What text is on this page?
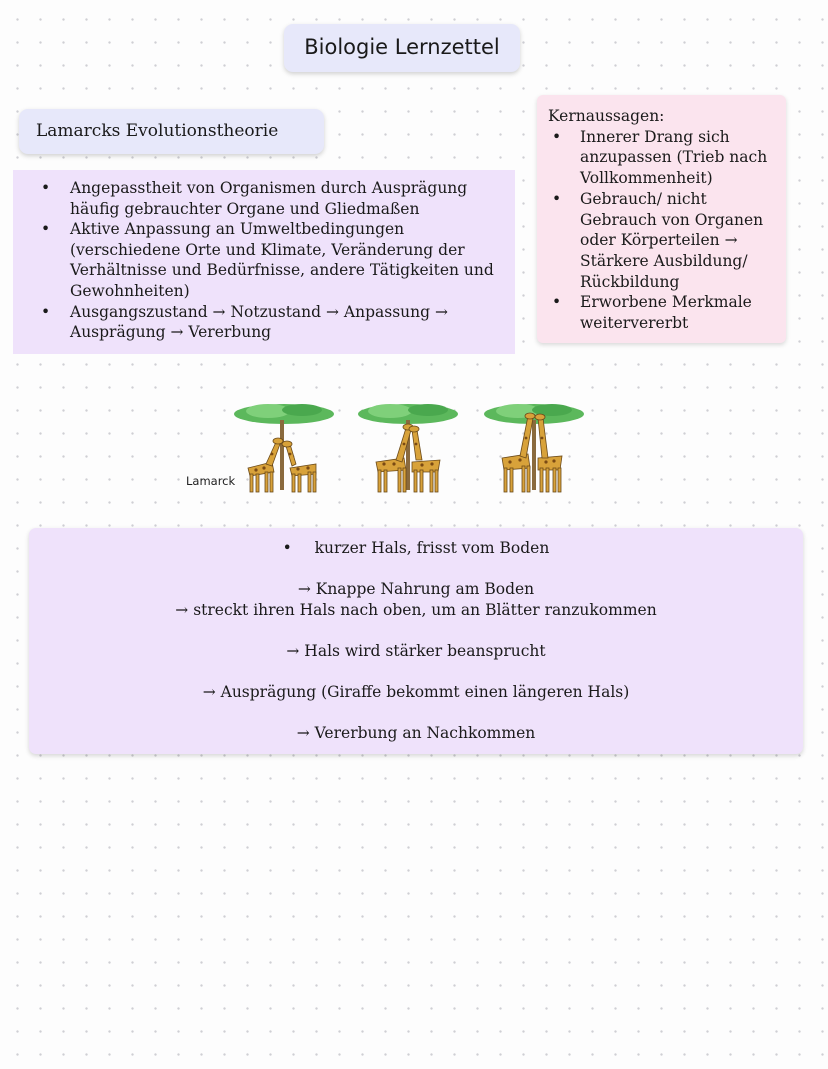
Biologie Lernzettel
Lamarcks Evolutionstheorie
• Angepasstheit von Organismen durch Ausprägung häufig gebrauchter Organe und Gliedmaßen
• Aktive Anpassung an Umweltbedingungen (verschiedene Orte und Klimate, Veränderung der Verhältnisse und Bedürfnisse, andere Tätigkeiten und Gewohnheiten)
• Ausgangszustand → Notzustand → Anpassung → Ausprägung → Vererbung

Kernaussagen:

• Innerer Drang sich anzupassen (Trieb nach Vollkommenheit)
• Gebrauch/ nicht Gebrauch von Organen oder Körperteilen → Stärkere Ausbildung/ Rückbildung
• Erworbene Merkmale weitervererbt
Lamarck

• kurzer Hals, frisst vom Boden

→ Knappe Nahrung am Boden

→ streckt ihren Hals nach oben, um an Blätter ranzukommen

→ Hals wird stärker beansprucht

→ Ausprägung (Giraffe bekommt einen längeren Hals)

→ Vererbung an Nachkommen
